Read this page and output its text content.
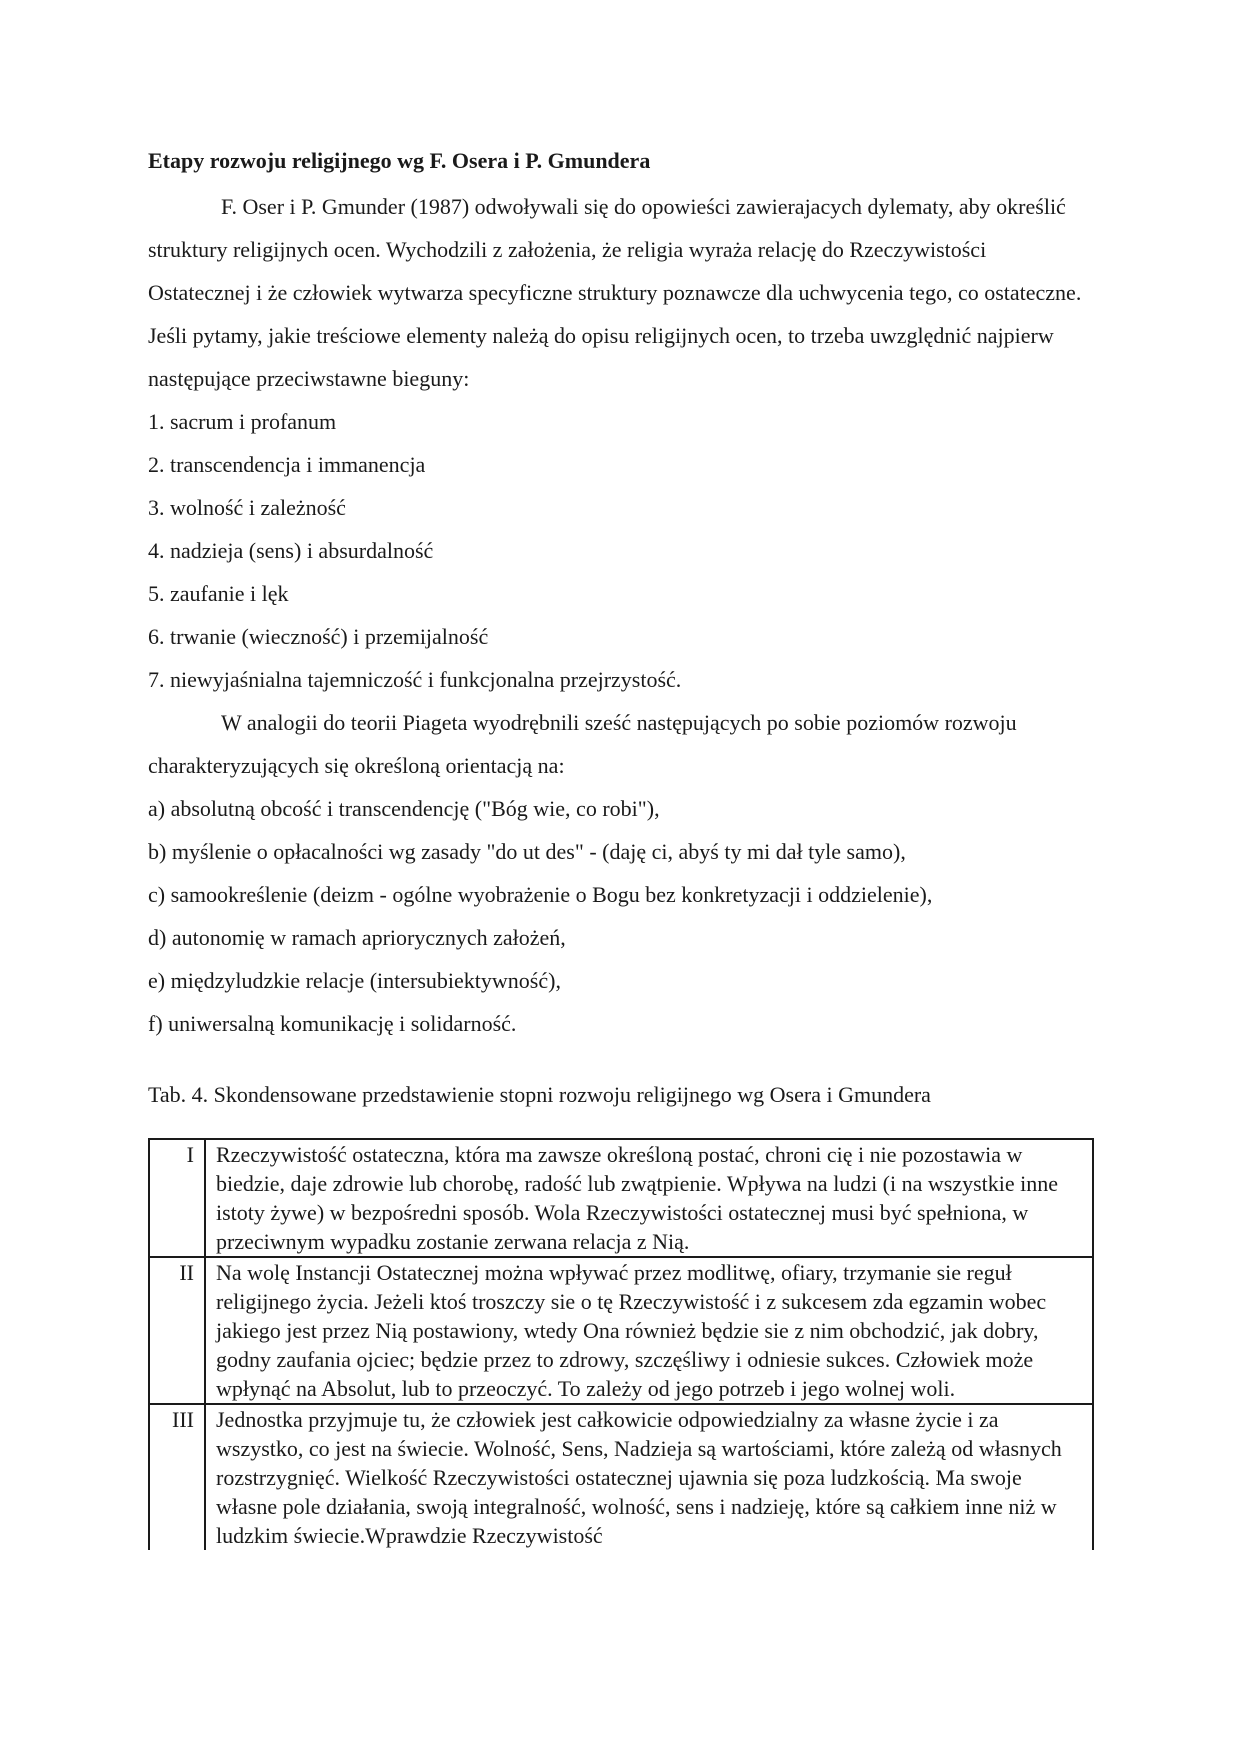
Etapy rozwoju religijnego wg F. Osera i P. Gmundera

F. Oser i P. Gmunder (1987) odwoływali się do opowieści zawierajacych dylematy, aby określić struktury religijnych ocen. Wychodzili z założenia, że religia wyraża relację do Rzeczywistości Ostatecznej i że człowiek wytwarza specyficzne struktury poznawcze dla uchwycenia tego, co ostateczne. Jeśli pytamy, jakie treściowe elementy należą do opisu religijnych ocen, to trzeba uwzględnić najpierw następujące przeciwstawne bieguny:

1. sacrum i profanum

2. transcendencja i immanencja

3. wolność i zależność

4. nadzieja (sens) i absurdalność

5. zaufanie i lęk

6. trwanie (wieczność) i przemijalność

7. niewyjaśnialna tajemniczość i funkcjonalna przejrzystość.

W analogii do teorii Piageta wyodrębnili sześć następujących po sobie poziomów rozwoju charakteryzujących się określoną orientacją na:

a) absolutną obcość i transcendencję ("Bóg wie, co robi"),

b) myślenie o opłacalności wg zasady "do ut des" - (daję ci, abyś ty mi dał tyle samo),

c) samookreślenie (deizm - ogólne wyobrażenie o Bogu bez konkretyzacji i oddzielenie),

d) autonomię w ramach apriorycznych założeń,

e) międzyludzkie relacje (intersubiektywność),

f) uniwersalną komunikację i solidarność.

Tab. 4. Skondensowane przedstawienie stopni rozwoju religijnego wg Osera i Gmundera
I	Rzeczywistość ostateczna, która ma zawsze określoną postać, chroni cię i nie pozostawia w biedzie, daje zdrowie lub chorobę, radość lub zwątpienie. Wpływa na ludzi (i na wszystkie inne istoty żywe) w bezpośredni sposób. Wola Rzeczywistości ostatecznej musi być spełniona, w przeciwnym wypadku zostanie zerwana relacja z Nią.
II	Na wolę Instancji Ostatecznej można wpływać przez modlitwę, ofiary, trzymanie sie reguł religijnego życia. Jeżeli ktoś troszczy sie o tę Rzeczywistość i z sukcesem zda egzamin wobec jakiego jest przez Nią postawiony, wtedy Ona również będzie sie z nim obchodzić, jak dobry, godny zaufania ojciec; będzie przez to zdrowy, szczęśliwy i odniesie sukces. Człowiek może wpłynąć na Absolut, lub to przeoczyć. To zależy od jego potrzeb i jego wolnej woli.
III	Jednostka przyjmuje tu, że człowiek jest całkowicie odpowiedzialny za własne życie i za wszystko, co jest na świecie. Wolność, Sens, Nadzieja są wartościami, które zależą od własnych rozstrzygnięć. Wielkość Rzeczywistości ostatecznej ujawnia się poza ludzkością. Ma swoje własne pole działania, swoją integralność, wolność, sens i nadzieję, które są całkiem inne niż w ludzkim świecie.Wprawdzie Rzeczywistość
